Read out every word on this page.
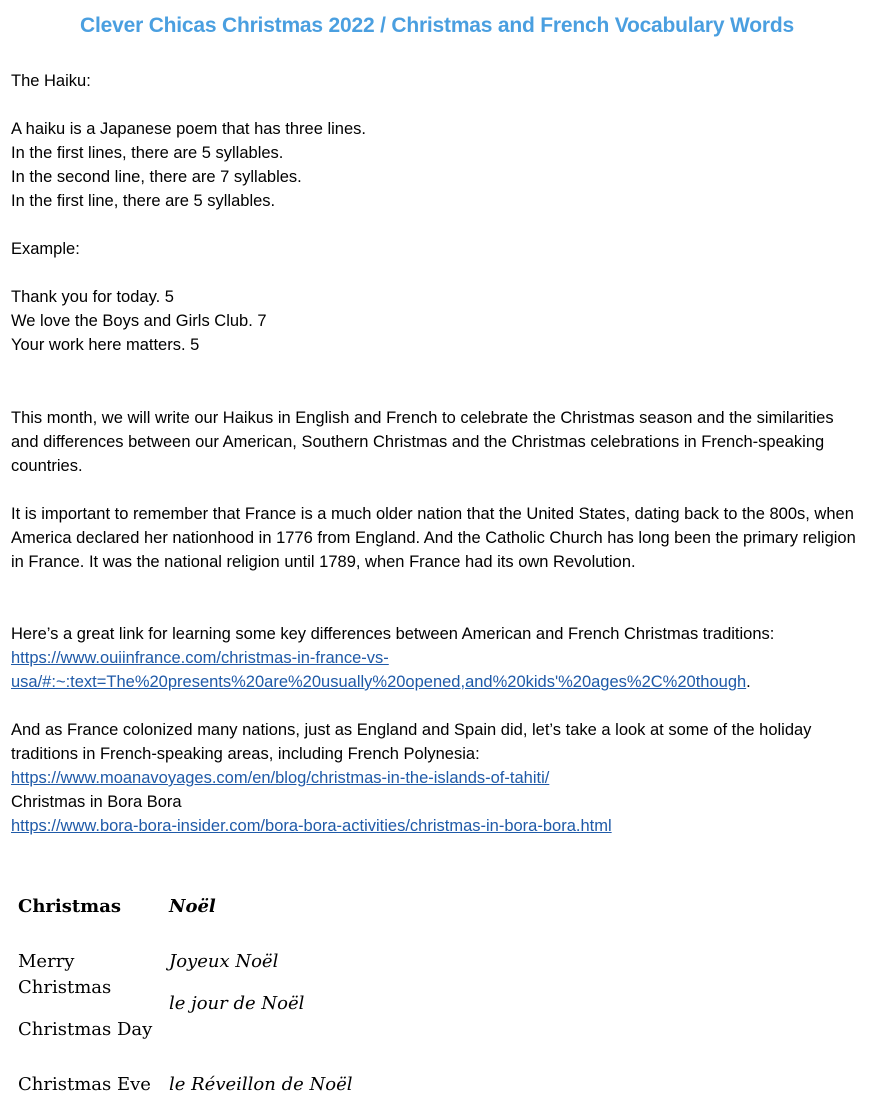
Clever Chicas Christmas 2022 / Christmas and French Vocabulary Words
The Haiku:
A haiku is a Japanese poem that has three lines.
In the first lines, there are 5 syllables.
In the second line, there are 7 syllables.
In the first line, there are 5 syllables.
Example:
Thank you for today. 5
We love the Boys and Girls Club. 7
Your work here matters. 5
This month, we will write our Haikus in English and French to celebrate the Christmas season and the similarities and differences between our American, Southern Christmas and the Christmas celebrations in French-speaking countries.
It is important to remember that France is a much older nation that the United States, dating back to the 800s, when America declared her nationhood in 1776 from England. And the Catholic Church has long been the primary religion in France. It was the national religion until 1789, when France had its own Revolution.
Here’s a great link for learning some key differences between American and French Christmas traditions:
https://www.ouiinfrance.com/christmas-in-france-vs-
usa/#:~:text=The%20presents%20are%20usually%20opened,and%20kids'%20ages%2C%20though.
And as France colonized many nations, just as England and Spain did, let’s take a look at some of the holiday traditions in French-speaking areas, including French Polynesia:
https://www.moanavoyages.com/en/blog/christmas-in-the-islands-of-tahiti/
Christmas in Bora Bora
https://www.bora-bora-insider.com/bora-bora-activities/christmas-in-bora-bora.html
Christmas	Noël
Merry
Christmas
Joyeux Noël
le jour de Noël
Christmas Day
Christmas Eve le Réveillon de Noël
